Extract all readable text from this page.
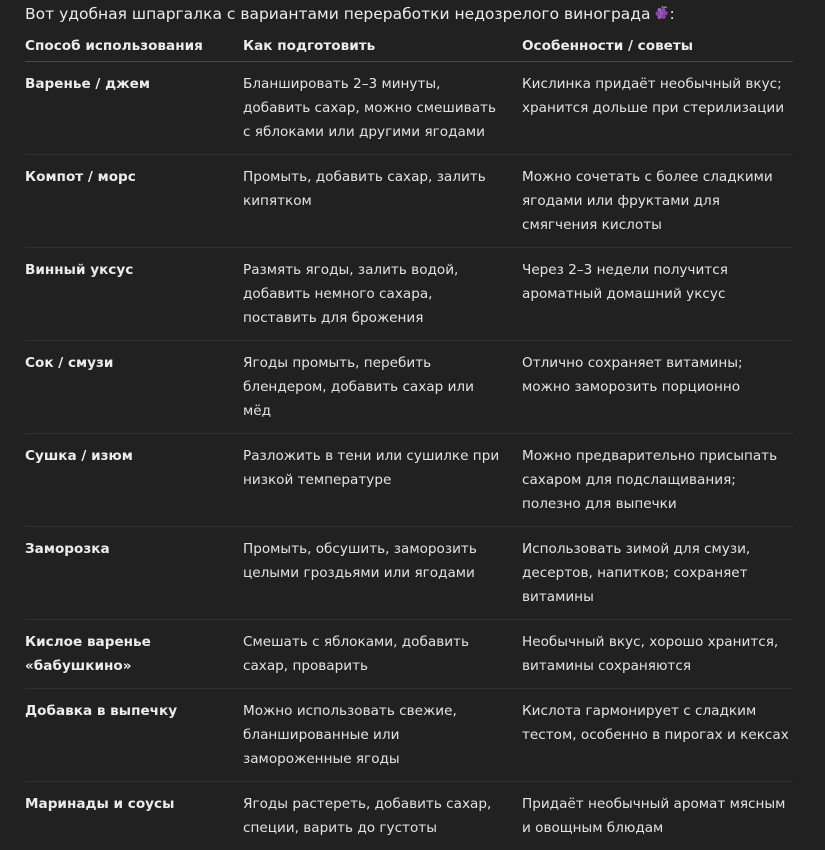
Вот удобная шпаргалка с вариантами переработки недозрелого винограда :
Способ использования	Как подготовить	Особенности / советы
Варенье / джем	Бланшировать 2–3 минуты, добавить сахар, можно смешивать с яблоками или другими ягодами	Кислинка придаёт необычный вкус; хранится дольше при стерилизации
Компот / морс	Промыть, добавить сахар, залить кипятком	Можно сочетать с более сладкими ягодами или фруктами для смягчения кислоты
Винный уксус	Размять ягоды, залить водой, добавить немного сахара, поставить для брожения	Через 2–3 недели получится ароматный домашний уксус
Сок / смузи	Ягоды промыть, перебить блендером, добавить сахар или мёд	Отлично сохраняет витамины; можно заморозить порционно
Сушка / изюм	Разложить в тени или сушилке при низкой температуре	Можно предварительно присыпать сахаром для подслащивания; полезно для выпечки
Заморозка	Промыть, обсушить, заморозить целыми гроздьями или ягодами	Использовать зимой для смузи, десертов, напитков; сохраняет витамины
Кислое варенье «бабушкино»	Смешать с яблоками, добавить сахар, проварить	Необычный вкус, хорошо хранится, витамины сохраняются
Добавка в выпечку	Можно использовать свежие, бланшированные или замороженные ягоды	Кислота гармонирует с сладким тестом, особенно в пирогах и кексах
Маринады и соусы	Ягоды растереть, добавить сахар, специи, варить до густоты	Придаёт необычный аромат мясным и овощным блюдам
